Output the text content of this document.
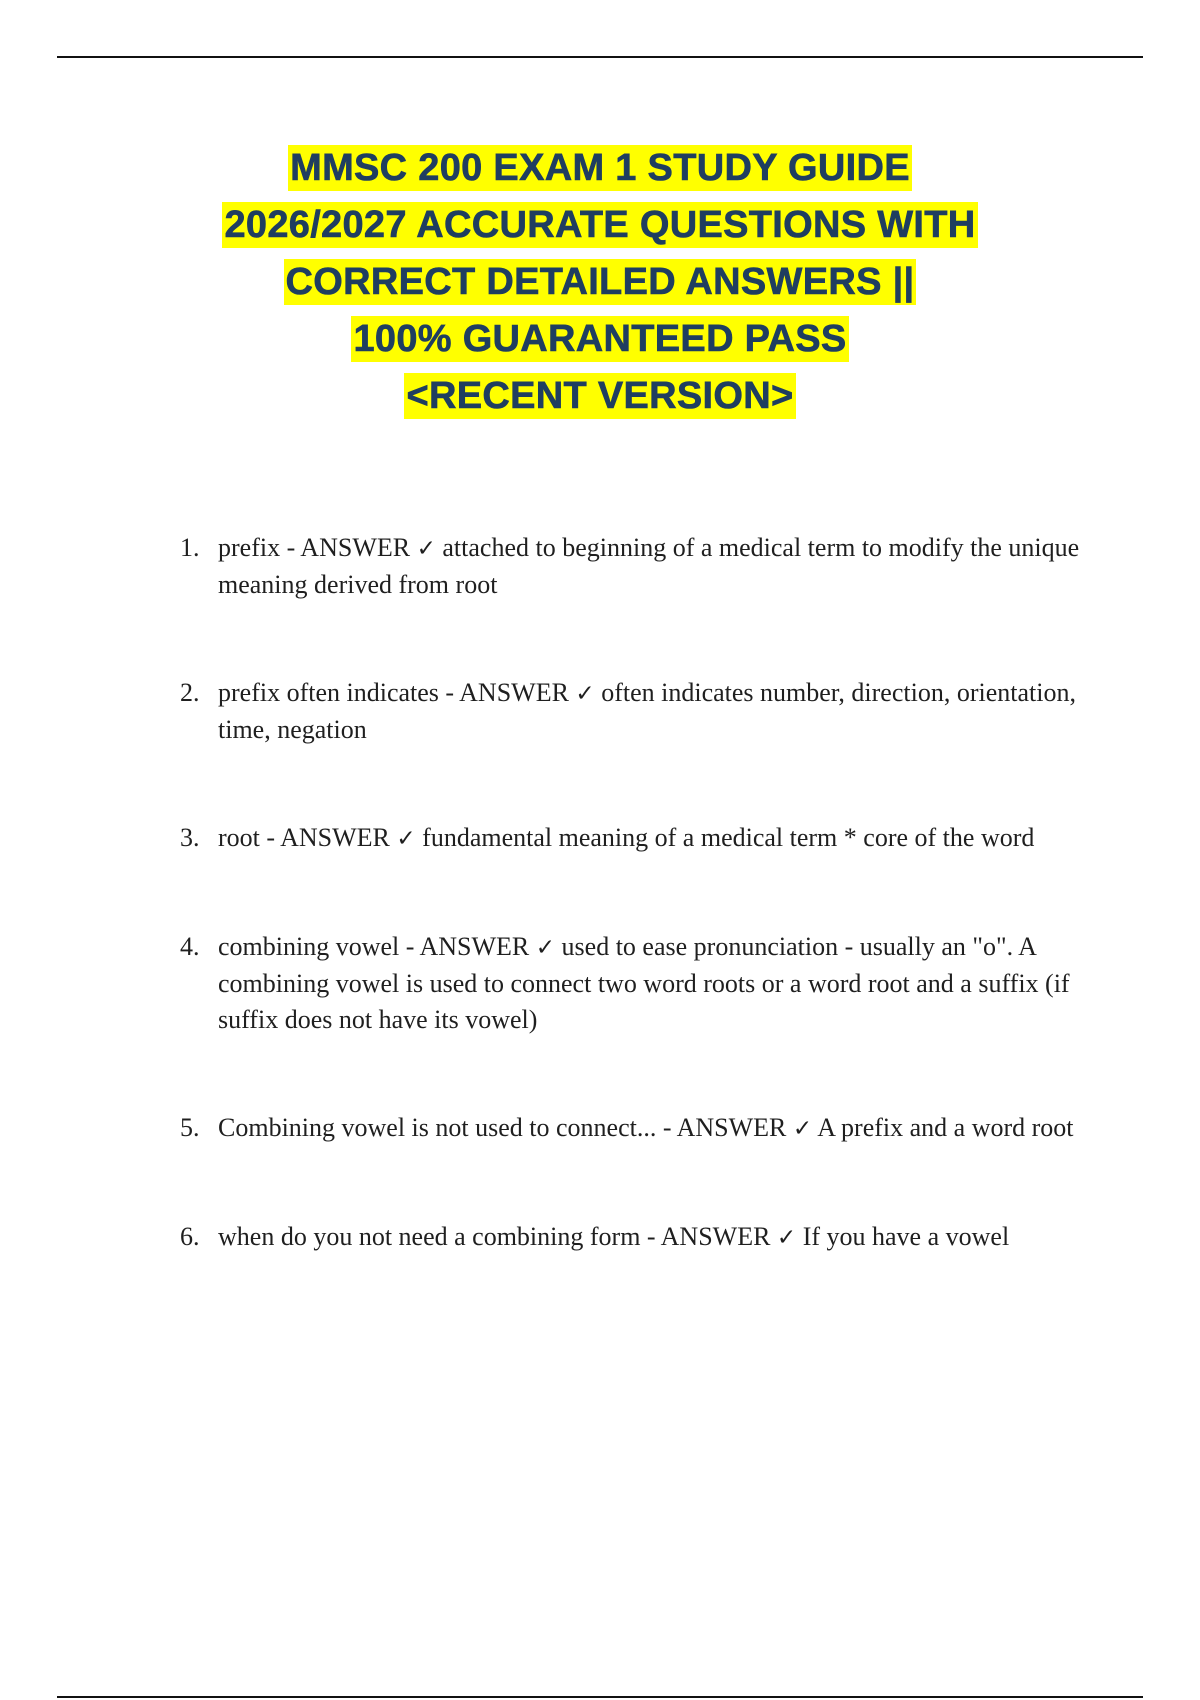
MMSC 200 EXAM 1 STUDY GUIDE
2026/2027 ACCURATE QUESTIONS WITH
CORRECT DETAILED ANSWERS ||
100% GUARANTEED PASS
<RECENT VERSION>
1. prefix - ANSWER ✓ attached to beginning of a medical term to modify the unique meaning derived from root
2. prefix often indicates - ANSWER ✓ often indicates number, direction, orientation, time, negation
3. root - ANSWER ✓ fundamental meaning of a medical term * core of the word
4. combining vowel - ANSWER ✓ used to ease pronunciation - usually an "o". A combining vowel is used to connect two word roots or a word root and a suffix (if suffix does not have its vowel)
5. Combining vowel is not used to connect... - ANSWER ✓ A prefix and a word root
6. when do you not need a combining form - ANSWER ✓ If you have a vowel
